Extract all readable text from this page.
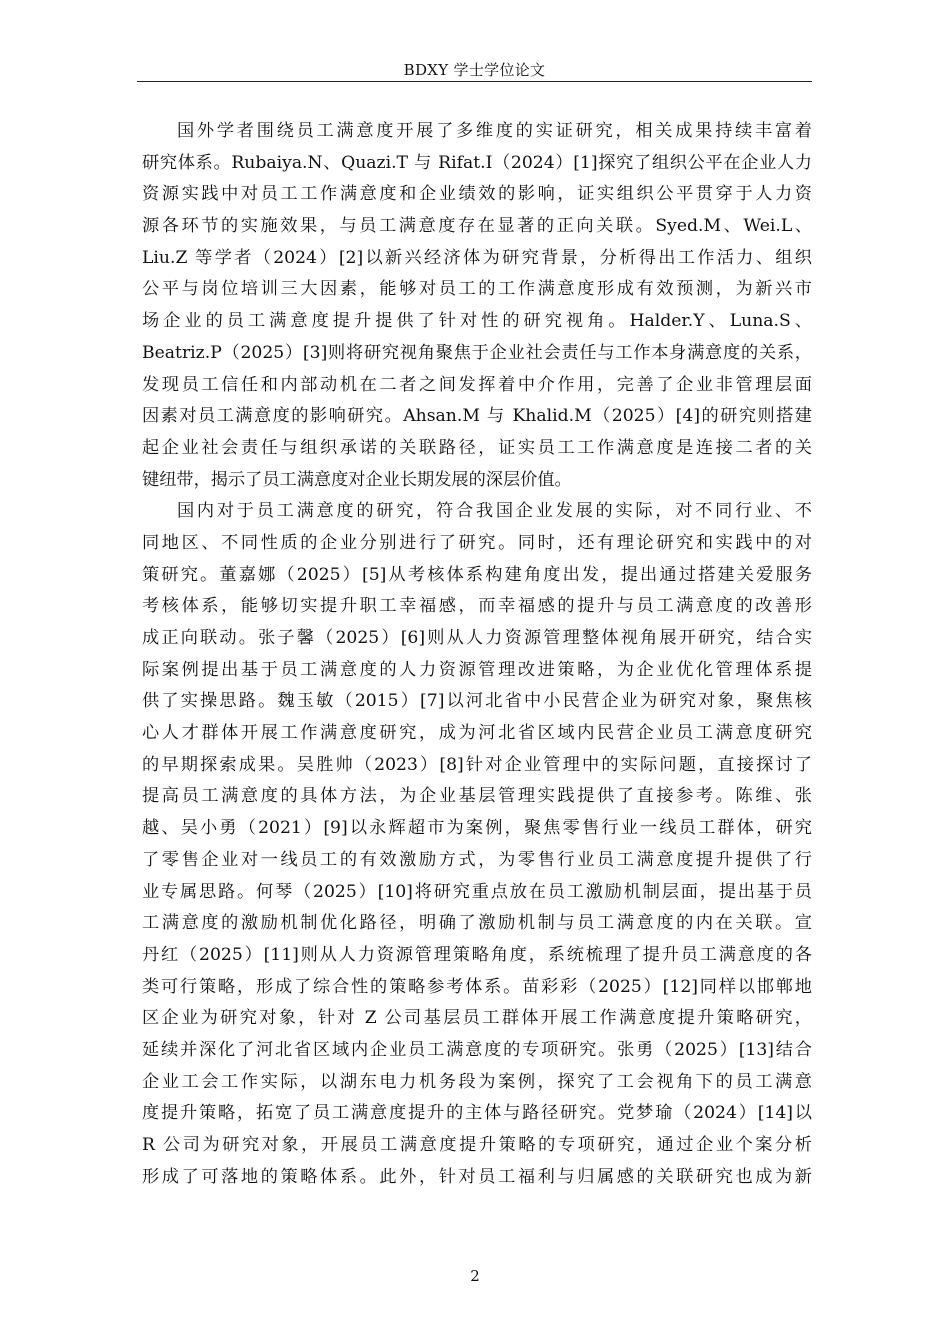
BDXY 学士学位论文
国外学者围绕员工满意度开展了多维度的实证研究，相关成果持续丰富着
研究体系。Rubaiya.N、Quazi.T 与 Rifat.I（2024）[1]探究了组织公平在企业人力
资源实践中对员工工作满意度和企业绩效的影响，证实组织公平贯穿于人力资
源各环节的实施效果，与员工满意度存在显著的正向关联。Syed.M、Wei.L、
Liu.Z 等学者（2024）[2]以新兴经济体为研究背景，分析得出工作活力、组织
公平与岗位培训三大因素，能够对员工的工作满意度形成有效预测，为新兴市
场企业的员工满意度提升提供了针对性的研究视角。Halder.Y、Luna.S、
Beatriz.P（2025）[3]则将研究视角聚焦于企业社会责任与工作本身满意度的关系，
发现员工信任和内部动机在二者之间发挥着中介作用，完善了企业非管理层面
因素对员工满意度的影响研究。Ahsan.M 与 Khalid.M（2025）[4]的研究则搭建
起企业社会责任与组织承诺的关联路径，证实员工工作满意度是连接二者的关
键纽带，揭示了员工满意度对企业长期发展的深层价值。
国内对于员工满意度的研究，符合我国企业发展的实际，对不同行业、不
同地区、不同性质的企业分别进行了研究。同时，还有理论研究和实践中的对
策研究。董嘉娜（2025）[5]从考核体系构建角度出发，提出通过搭建关爱服务
考核体系，能够切实提升职工幸福感，而幸福感的提升与员工满意度的改善形
成正向联动。张子馨（2025）[6]则从人力资源管理整体视角展开研究，结合实
际案例提出基于员工满意度的人力资源管理改进策略，为企业优化管理体系提
供了实操思路。魏玉敏（2015）[7]以河北省中小民营企业为研究对象，聚焦核
心人才群体开展工作满意度研究，成为河北省区域内民营企业员工满意度研究
的早期探索成果。吴胜帅（2023）[8]针对企业管理中的实际问题，直接探讨了
提高员工满意度的具体方法，为企业基层管理实践提供了直接参考。陈维、张
越、吴小勇（2021）[9]以永辉超市为案例，聚焦零售行业一线员工群体，研究
了零售企业对一线员工的有效激励方式，为零售行业员工满意度提升提供了行
业专属思路。何琴（2025）[10]将研究重点放在员工激励机制层面，提出基于员
工满意度的激励机制优化路径，明确了激励机制与员工满意度的内在关联。宣
丹红（2025）[11]则从人力资源管理策略角度，系统梳理了提升员工满意度的各
类可行策略，形成了综合性的策略参考体系。苗彩彩（2025）[12]同样以邯郸地
区企业为研究对象，针对 Z 公司基层员工群体开展工作满意度提升策略研究，
延续并深化了河北省区域内企业员工满意度的专项研究。张勇（2025）[13]结合
企业工会工作实际，以湖东电力机务段为案例，探究了工会视角下的员工满意
度提升策略，拓宽了员工满意度提升的主体与路径研究。党梦瑜（2024）[14]以
R 公司为研究对象，开展员工满意度提升策略的专项研究，通过企业个案分析
形成了可落地的策略体系。此外，针对员工福利与归属感的关联研究也成为新
2
